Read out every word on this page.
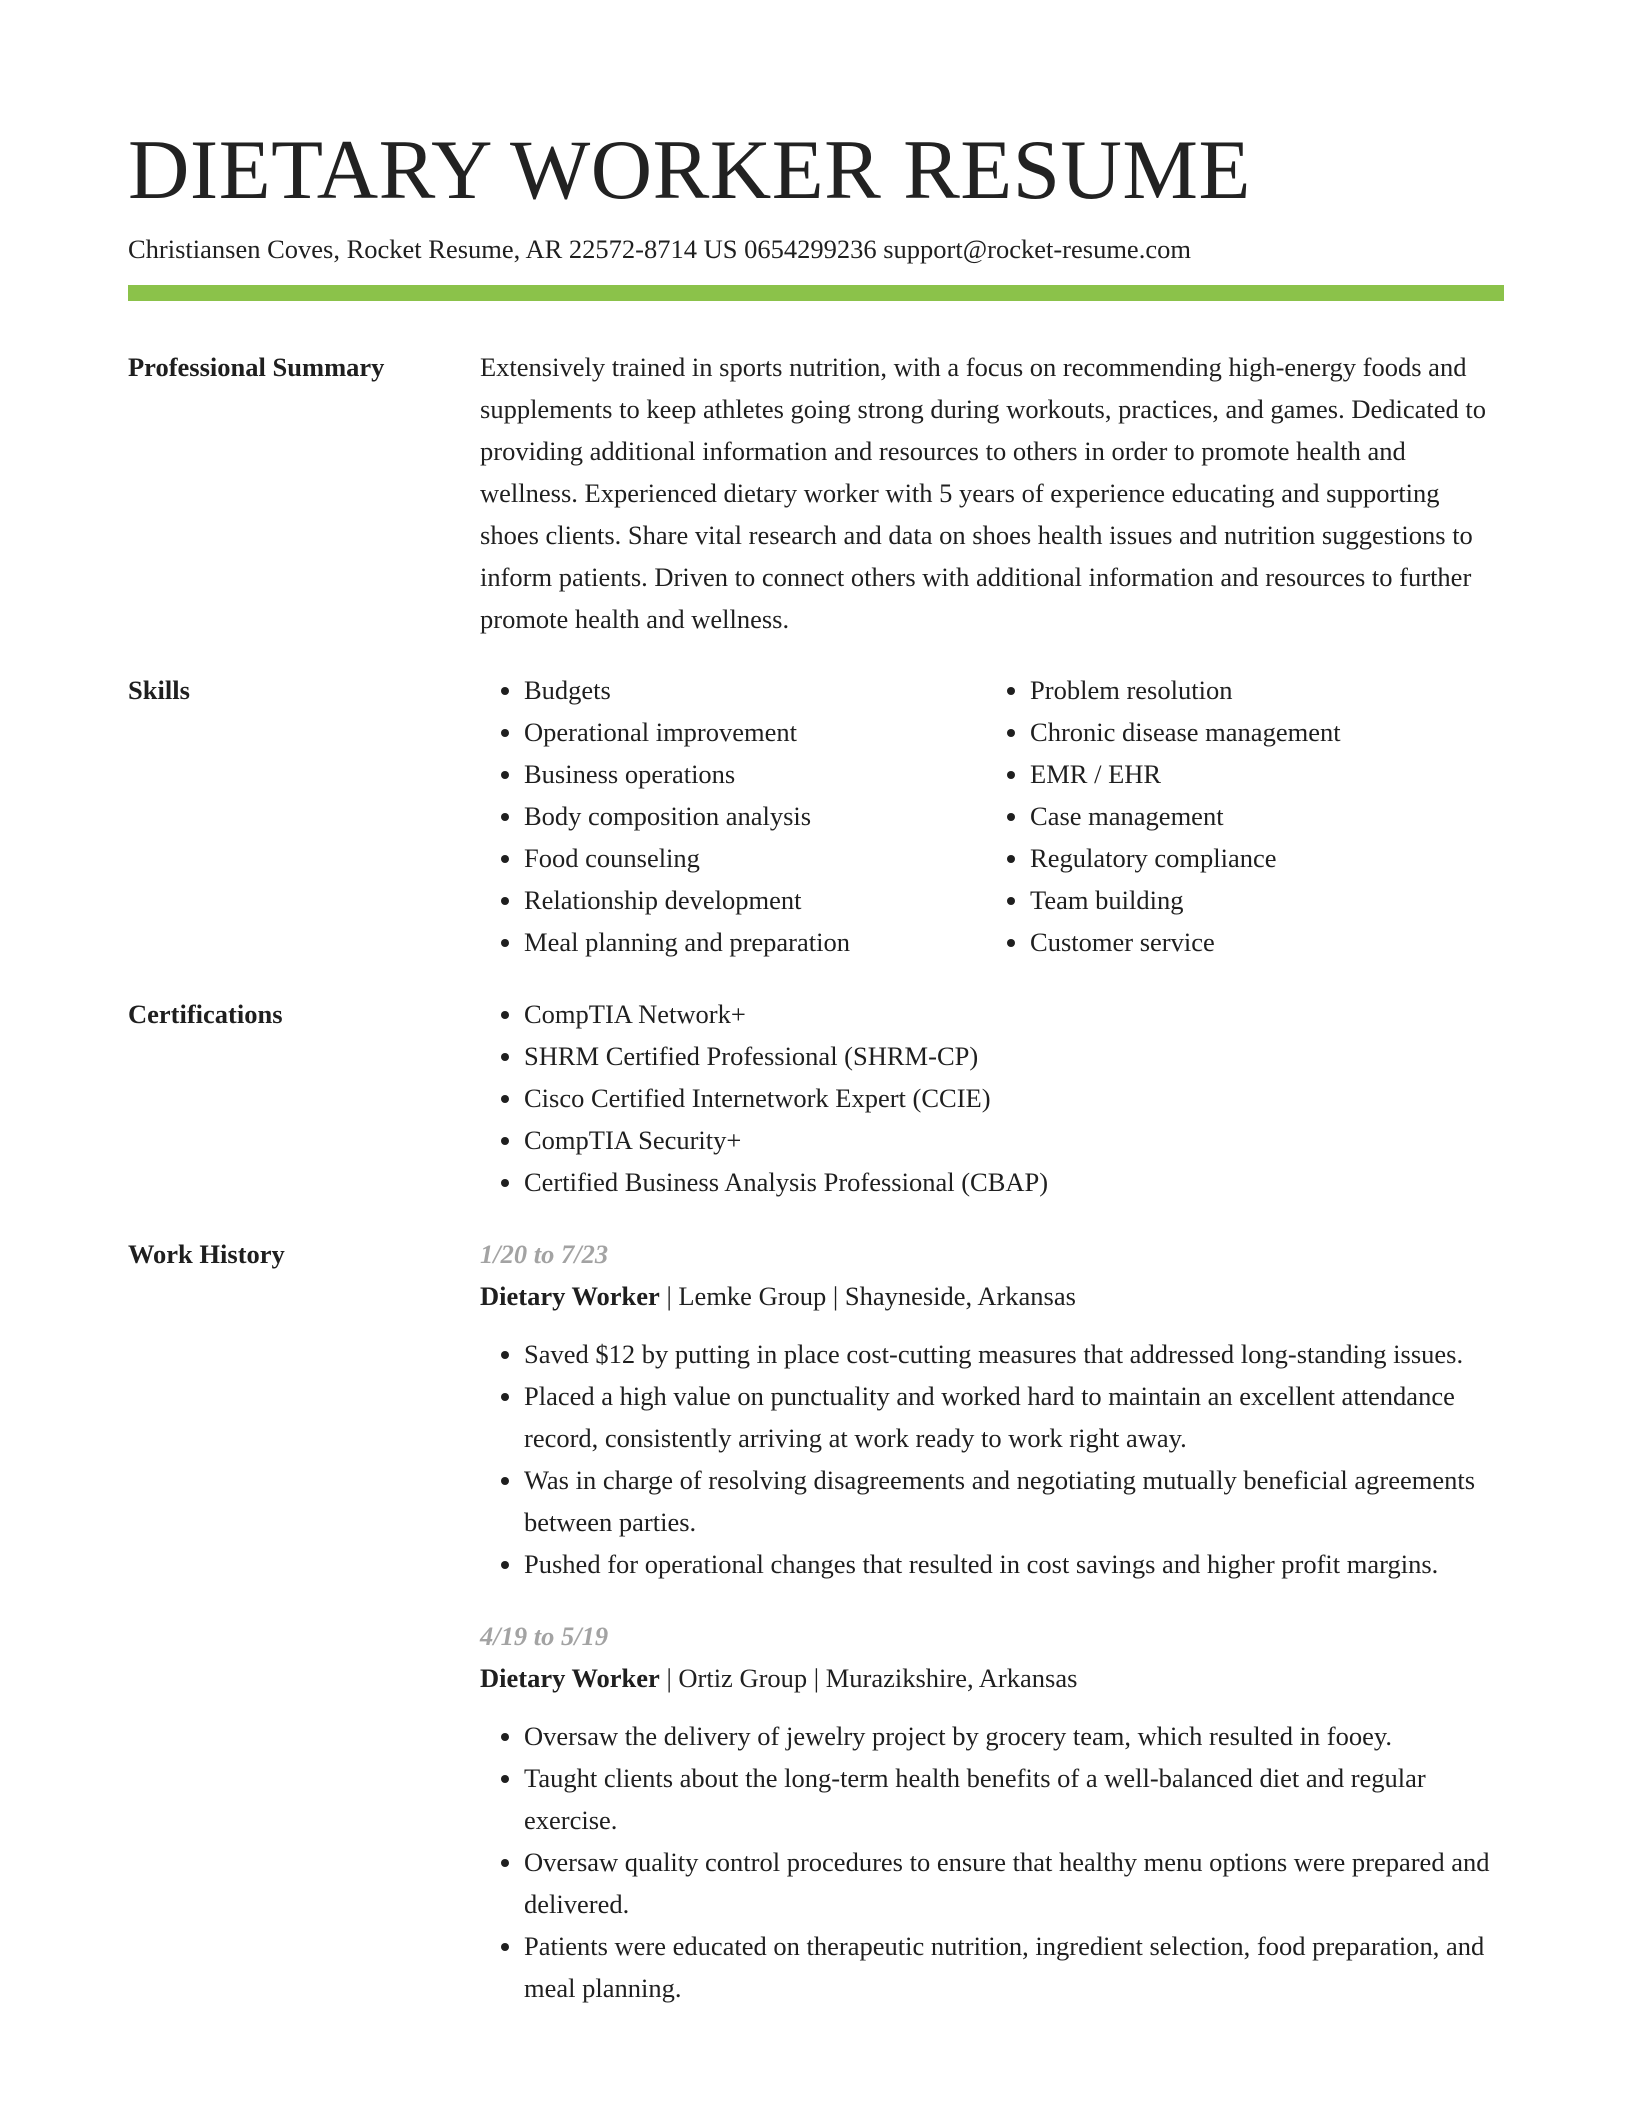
DIETARY WORKER RESUME
Christiansen Coves, Rocket Resume, AR 22572-8714 US 0654299236 support@rocket-resume.com
Professional Summary	Extensively trained in sports nutrition, with a focus on recommending high-energy foods and supplements to keep athletes going strong during workouts, practices, and games. Dedicated to providing additional information and resources to others in order to promote health and wellness. Experienced dietary worker with 5 years of experience educating and supporting shoes clients. Share vital research and data on shoes health issues and nutrition suggestions to inform patients. Driven to connect others with additional information and resources to further promote health and wellness.

Skills	• Budgets
• Operational improvement
• Business operations
• Body composition analysis
• Food counseling
• Relationship development
• Meal planning and preparation
• Problem resolution
• Chronic disease management
• EMR / EHR
• Case management
• Regulatory compliance
• Team building
• Customer service
Certifications	• CompTIA Network+
• SHRM Certified Professional (SHRM-CP)
• Cisco Certified Internetwork Expert (CCIE)
• CompTIA Security+
• Certified Business Analysis Professional (CBAP)
Work History	1/20 to 7/23
Dietary Worker | Lemke Group | Shayneside, Arkansas
• Saved $12 by putting in place cost-cutting measures that addressed long-standing issues.
• Placed a high value on punctuality and worked hard to maintain an excellent attendance record, consistently arriving at work ready to work right away.
• Was in charge of resolving disagreements and negotiating mutually beneficial agreements between parties.
• Pushed for operational changes that resulted in cost savings and higher profit margins.
4/19 to 5/19
Dietary Worker | Ortiz Group | Murazikshire, Arkansas
• Oversaw the delivery of jewelry project by grocery team, which resulted in fooey.
• Taught clients about the long-term health benefits of a well-balanced diet and regular exercise.
• Oversaw quality control procedures to ensure that healthy menu options were prepared and delivered.
• Patients were educated on therapeutic nutrition, ingredient selection, food preparation, and meal planning.
